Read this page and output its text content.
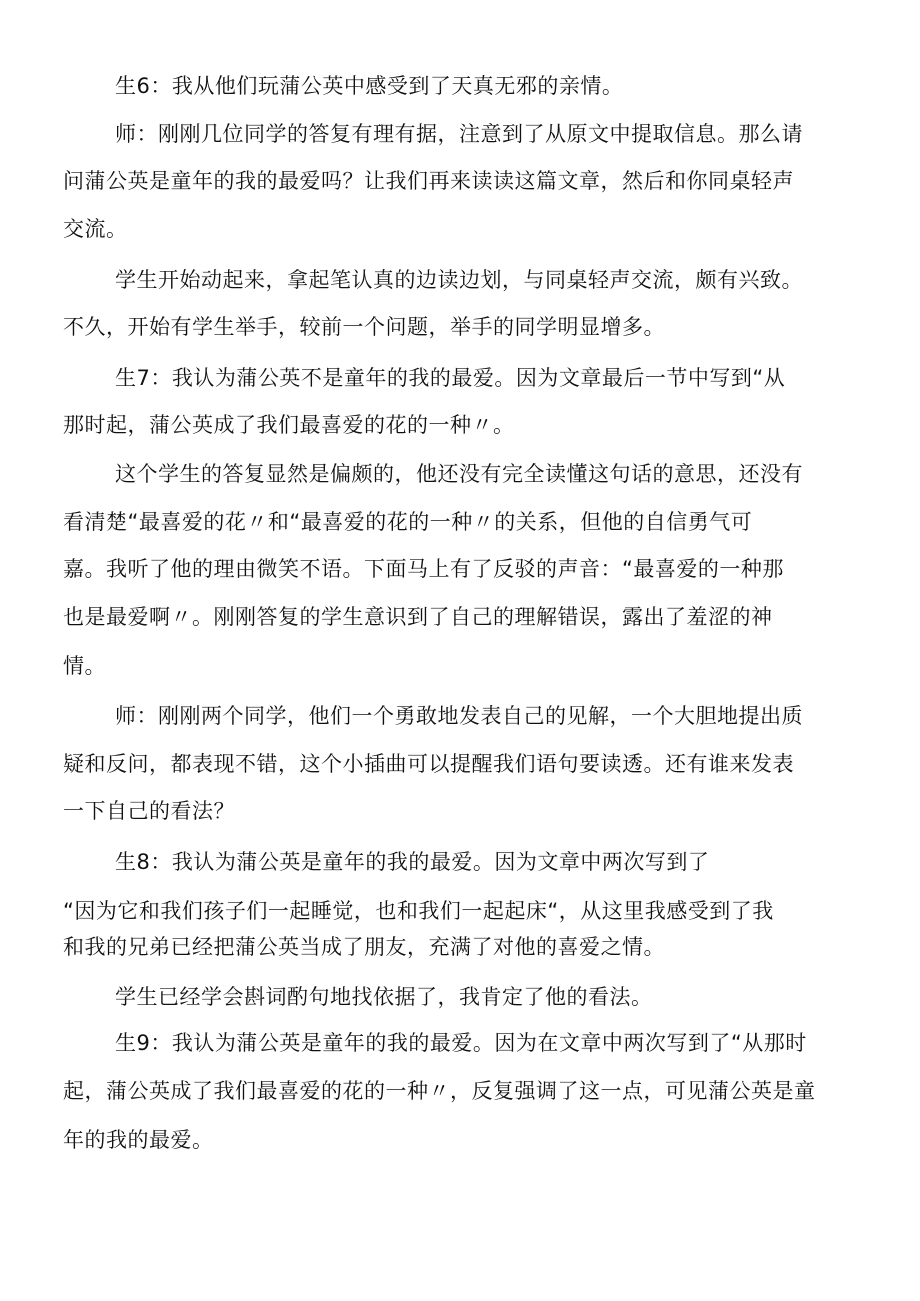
生6：我从他们玩蒲公英中感受到了天真无邪的亲情。
师：刚刚几位同学的答复有理有据，注意到了从原文中提取信息。那么请
问蒲公英是童年的我的最爱吗？让我们再来读读这篇文章，然后和你同桌轻声
交流。
学生开始动起来，拿起笔认真的边读边划，与同桌轻声交流，颇有兴致。
不久，开始有学生举手，较前一个问题，举手的同学明显增多。
生7：我认为蒲公英不是童年的我的最爱。因为文章最后一节中写到“从
那时起，蒲公英成了我们最喜爱的花的一种〃。
这个学生的答复显然是偏颇的，他还没有完全读懂这句话的意思，还没有
看清楚“最喜爱的花〃和“最喜爱的花的一种〃的关系，但他的自信勇气可
嘉。我听了他的理由微笑不语。下面马上有了反驳的声音：“最喜爱的一种那
也是最爱啊〃。刚刚答复的学生意识到了自己的理解错误，露出了羞涩的神
情。
师：刚刚两个同学，他们一个勇敢地发表自己的见解，一个大胆地提出质
疑和反问，都表现不错，这个小插曲可以提醒我们语句要读透。还有谁来发表
一下自己的看法？
生8：我认为蒲公英是童年的我的最爱。因为文章中两次写到了
“因为它和我们孩子们一起睡觉，也和我们一起起床“，从这里我感受到了我
和我的兄弟已经把蒲公英当成了朋友，充满了对他的喜爱之情。
学生已经学会斟词酌句地找依据了，我肯定了他的看法。
生9：我认为蒲公英是童年的我的最爱。因为在文章中两次写到了“从那时
起，蒲公英成了我们最喜爱的花的一种〃，反复强调了这一点，可见蒲公英是童
年的我的最爱。
